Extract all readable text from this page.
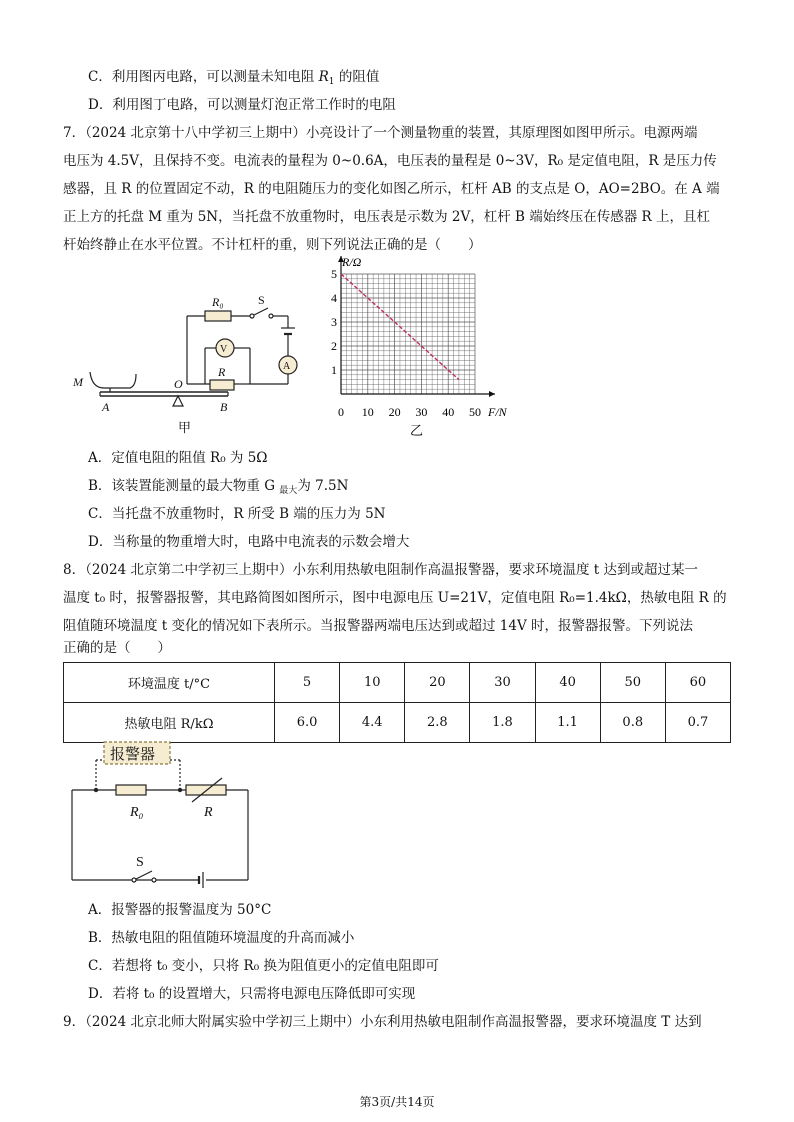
C．利用图丙电路，可以测量未知电阻 $R_1$ 的阻值
D．利用图丁电路，可以测量灯泡正常工作时的电阻
7．（2024 北京第十八中学初三上期中）小亮设计了一个测量物重的装置，其原理图如图甲所示。电源两端
电压为 4.5V，且保持不变。电流表的量程为 0~0.6A，电压表的量程是 0~3V，R₀ 是定值电阻，R 是压力传
感器，且 R 的位置固定不动，R 的电阻随压力的变化如图乙所示，杠杆 AB 的支点是 O，AO=2BO。在 A 端
正上方的托盘 M 重为 5N，当托盘不放重物时，电压表是示数为 2V，杠杆 B 端始终压在传感器 R 上，且杠
杆始终静止在水平位置。不计杠杆的重，则下列说法正确的是（　　）
R₀	S
V
A
R
M
A
O
B
甲
0 10 20 30 40 50
1
2
3
4
5
R/Ω
F/N
乙
A．定值电阻的阻值 R₀ 为 5Ω
B．该装置能测量的最大物重 G $_{最大}$为 7.5N
C．当托盘不放重物时，R 所受 B 端的压力为 5N
D．当称量的物重增大时，电路中电流表的示数会增大
8．（2024 北京第二中学初三上期中）小东利用热敏电阻制作高温报警器，要求环境温度 t 达到或超过某一
温度 t₀ 时，报警器报警，其电路简图如图所示，图中电源电压 U=21V，定值电阻 R₀=1.4kΩ，热敏电阻 R 的
阻值随环境温度 t 变化的情况如下表所示。当报警器两端电压达到或超过 14V 时，报警器报警。下列说法
正确的是（　　）
环境温度 t/°C	5	10	20	30	40	50	60
热敏电阻 R/kΩ	6.0	4.4	2.8	1.8	1.1	0.8	0.7
报警器
R₀	R
S
A．报警器的报警温度为 50°C
B．热敏电阻的阻值随环境温度的升高而减小
C．若想将 t₀ 变小，只将 R₀ 换为阻值更小的定值电阻即可
D．若将 t₀ 的设置增大，只需将电源电压降低即可实现
9．（2024 北京北师大附属实验中学初三上期中）小东利用热敏电阻制作高温报警器，要求环境温度 T 达到
第3页/共14页
